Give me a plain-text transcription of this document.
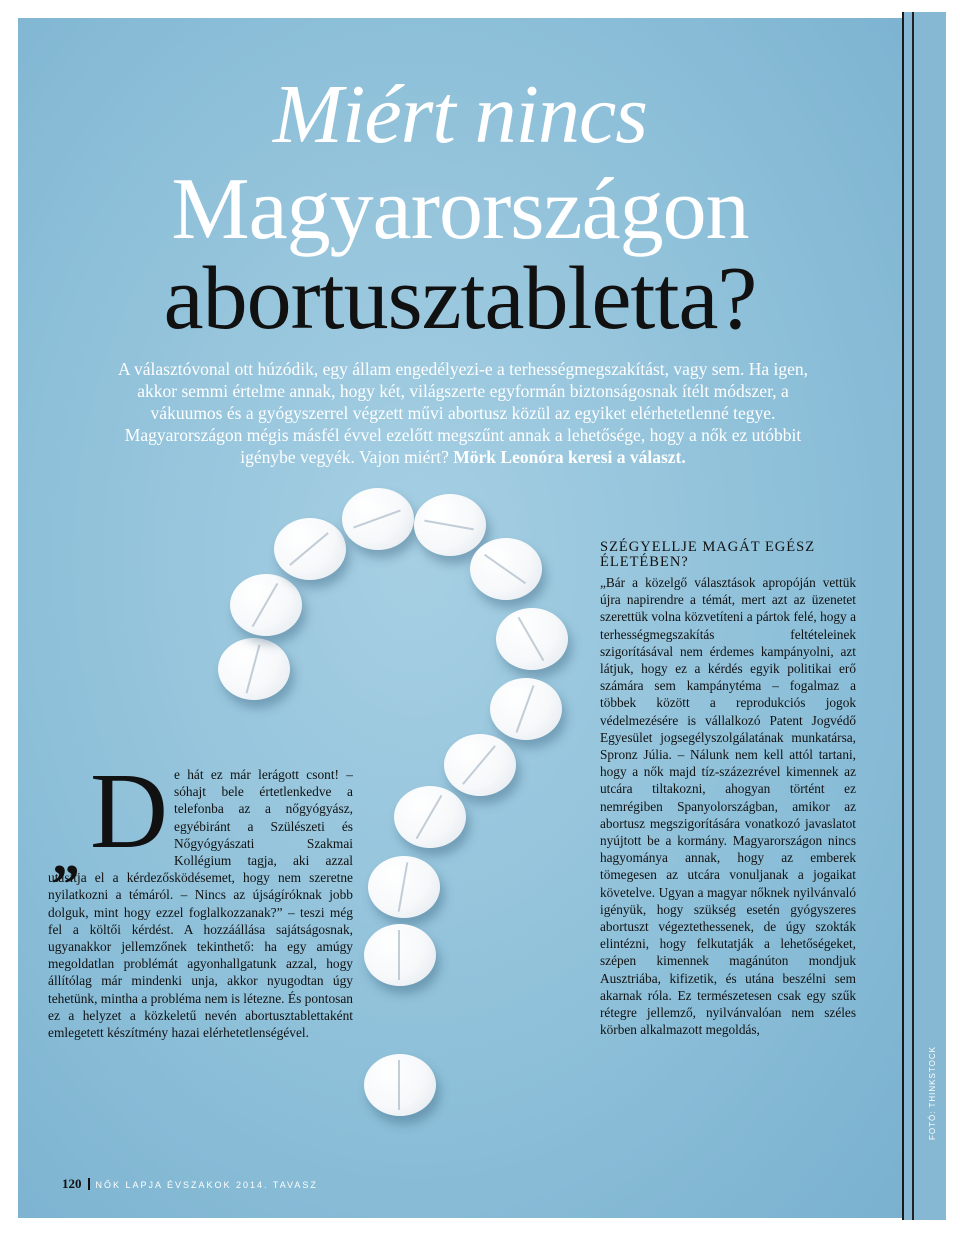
FOTÓ: THINKSTOCK
Miért nincs
Magyarországon
abortusztabletta?
A választóvonal ott húzódik, egy állam engedélyezi-e a terhességmegszakítást, vagy sem. Ha igen, akkor semmi értelme annak, hogy két, világszerte egyformán biztonságosnak ítélt módszer, a vákuumos és a gyógyszerrel végzett művi abortusz közül az egyiket elérhetetlenné tegye. Magyarországon mégis másfél évvel ezelőtt megszűnt annak a lehetősége, hogy a nők ez utóbbit igénybe vegyék. Vajon miért? Mörk Leonóra keresi a választ.
„ De hát ez már lerágott csont! – sóhajt bele értetlenkedve a telefonba az a nőgyógyász, egyébiránt a Szülészeti és Nőgyógyászati Szakmai Kollégium tagja, aki azzal utasítja el a kérdezősködésemet, hogy nem szeretne nyilatkozni a témáról. – Nincs az újságíróknak jobb dolguk, mint hogy ezzel foglalkozzanak?” – teszi még fel a költői kérdést. A hozzáállása sajátságosnak, ugyanakkor jellemzőnek tekinthető: ha egy amúgy megoldatlan problémát agyonhallgatunk azzal, hogy állítólag már mindenki unja, akkor nyugodtan úgy tehetünk, mintha a probléma nem is létezne. És pontosan ez a helyzet a közkeletű nevén abortusztablettaként emlegetett készítmény hazai elérhetetlenségével.
SZÉGYELLJE MAGÁT EGÉSZ ÉLETÉBEN?
„Bár a közelgő választások apropóján vettük újra napirendre a témát, mert azt az üzenetet szerettük volna közvetíteni a pártok felé, hogy a terhességmegszakítás feltételeinek szigorításával nem érdemes kampányolni, azt látjuk, hogy ez a kérdés egyik politikai erő számára sem kampánytéma – fogalmaz a többek között a reprodukciós jogok védelmezésére is vállalkozó Patent Jogvédő Egyesület jogsegélyszolgálatának munkatársa, Spronz Júlia. – Nálunk nem kell attól tartani, hogy a nők majd tíz-százezrével kimennek az utcára tiltakozni, ahogyan történt ez nemrégiben Spanyolországban, amikor az abortusz megszigorítására vonatkozó javaslatot nyújtott be a kormány. Magyarországon nincs hagyománya annak, hogy az emberek tömegesen az utcára vonuljanak a jogaikat követelve. Ugyan a magyar nőknek nyilvánvaló igényük, hogy szükség esetén gyógyszeres abortuszt végeztethessenek, de úgy szokták elintézni, hogy felkutatják a lehetőségeket, szépen kimennek magánúton mondjuk Ausztriába, kifizetik, és utána beszélni sem akarnak róla. Ez természetesen csak egy szűk rétegre jellemző, nyilvánvalóan nem széles körben alkalmazott megoldás,
120 NŐK LAPJA ÉVSZAKOK 2014. TAVASZ
